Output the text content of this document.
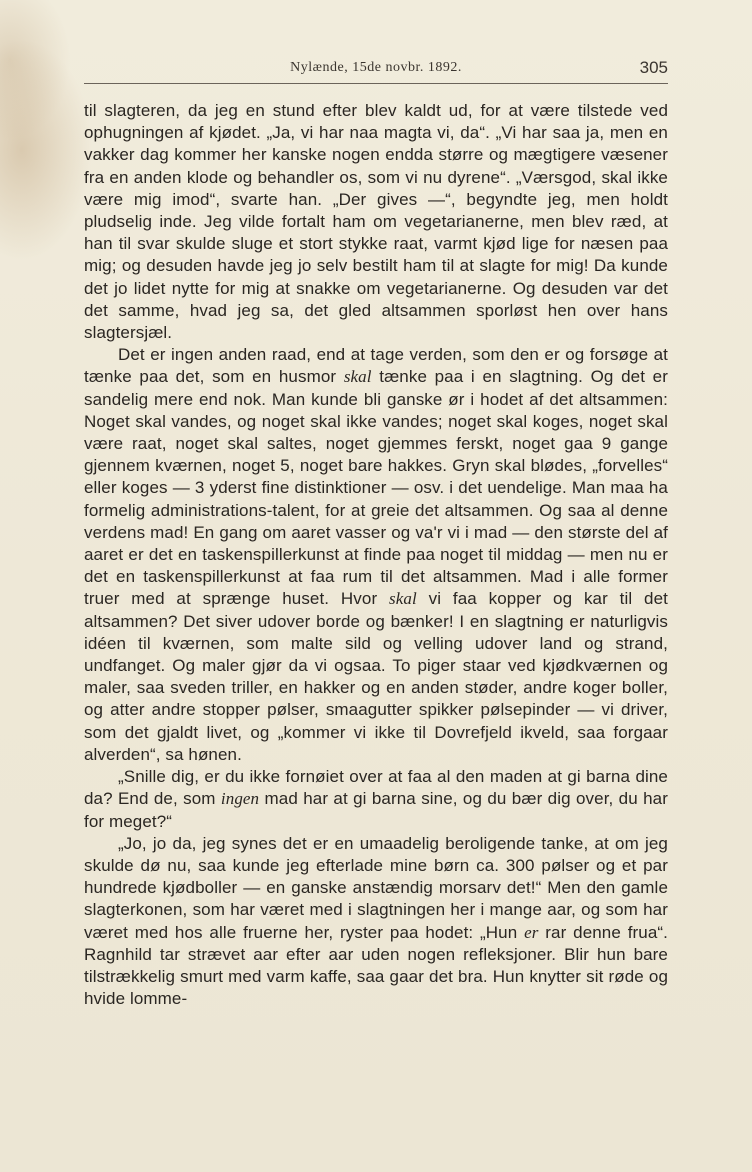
Nylænde, 15de novbr. 1892.	305

til slagteren, da jeg en stund efter blev kaldt ud, for at være tilstede ved ophugningen af kjødet. „Ja, vi har naa magta vi, da“. „Vi har saa ja, men en vakker dag kommer her kanske nogen endda større og mægtigere væsener fra en anden klode og behandler os, som vi nu dyrene“. „Værsgod, skal ikke være mig imod“, svarte han. „Der gives —“, begyndte jeg, men holdt pludselig inde. Jeg vilde fortalt ham om vegetarianerne, men blev ræd, at han til svar skulde sluge et stort stykke raat, varmt kjød lige for næsen paa mig; og desuden havde jeg jo selv bestilt ham til at slagte for mig! Da kunde det jo lidet nytte for mig at snakke om vegetarianerne. Og desuden var det det samme, hvad jeg sa, det gled altsammen sporløst hen over hans slagtersjæl.

Det er ingen anden raad, end at tage verden, som den er og forsøge at tænke paa det, som en husmor skal tænke paa i en slagtning. Og det er sandelig mere end nok. Man kunde bli ganske ør i hodet af det altsammen: Noget skal vandes, og noget skal ikke vandes; noget skal koges, noget skal være raat, noget skal saltes, noget gjemmes ferskt, noget gaa 9 gange gjennem kværnen, noget 5, noget bare hakkes. Gryn skal blødes, „forvelles“ eller koges — 3 yderst fine distinktioner — osv. i det uendelige. Man maa ha formelig administrations-talent, for at greie det altsammen. Og saa al denne verdens mad! En gang om aaret vasser og va'r vi i mad — den største del af aaret er det en taskenspillerkunst at finde paa noget til middag — men nu er det en taskenspillerkunst at faa rum til det altsammen. Mad i alle former truer med at sprænge huset. Hvor skal vi faa kopper og kar til det altsammen? Det siver udover borde og bænker! I en slagtning er naturligvis idéen til kværnen, som malte sild og velling udover land og strand, undfanget. Og maler gjør da vi ogsaa. To piger staar ved kjødkværnen og maler, saa sveden triller, en hakker og en anden støder, andre koger boller, og atter andre stopper pølser, smaagutter spikker pølsepinder — vi driver, som det gjaldt livet, og „kommer vi ikke til Dovrefjeld ikveld, saa forgaar alverden“, sa hønen.

„Snille dig, er du ikke fornøiet over at faa al den maden at gi barna dine da? End de, som ingen mad har at gi barna sine, og du bær dig over, du har for meget?“

„Jo, jo da, jeg synes det er en umaadelig beroligende tanke, at om jeg skulde dø nu, saa kunde jeg efterlade mine børn ca. 300 pølser og et par hundrede kjødboller — en ganske anstændig morsarv det!“ Men den gamle slagterkonen, som har været med i slagtningen her i mange aar, og som har været med hos alle fruerne her, ryster paa hodet: „Hun er rar denne frua“. Ragnhild tar strævet aar efter aar uden nogen refleksjoner. Blir hun bare tilstrækkelig smurt med varm kaffe, saa gaar det bra. Hun knytter sit røde og hvide lomme-
